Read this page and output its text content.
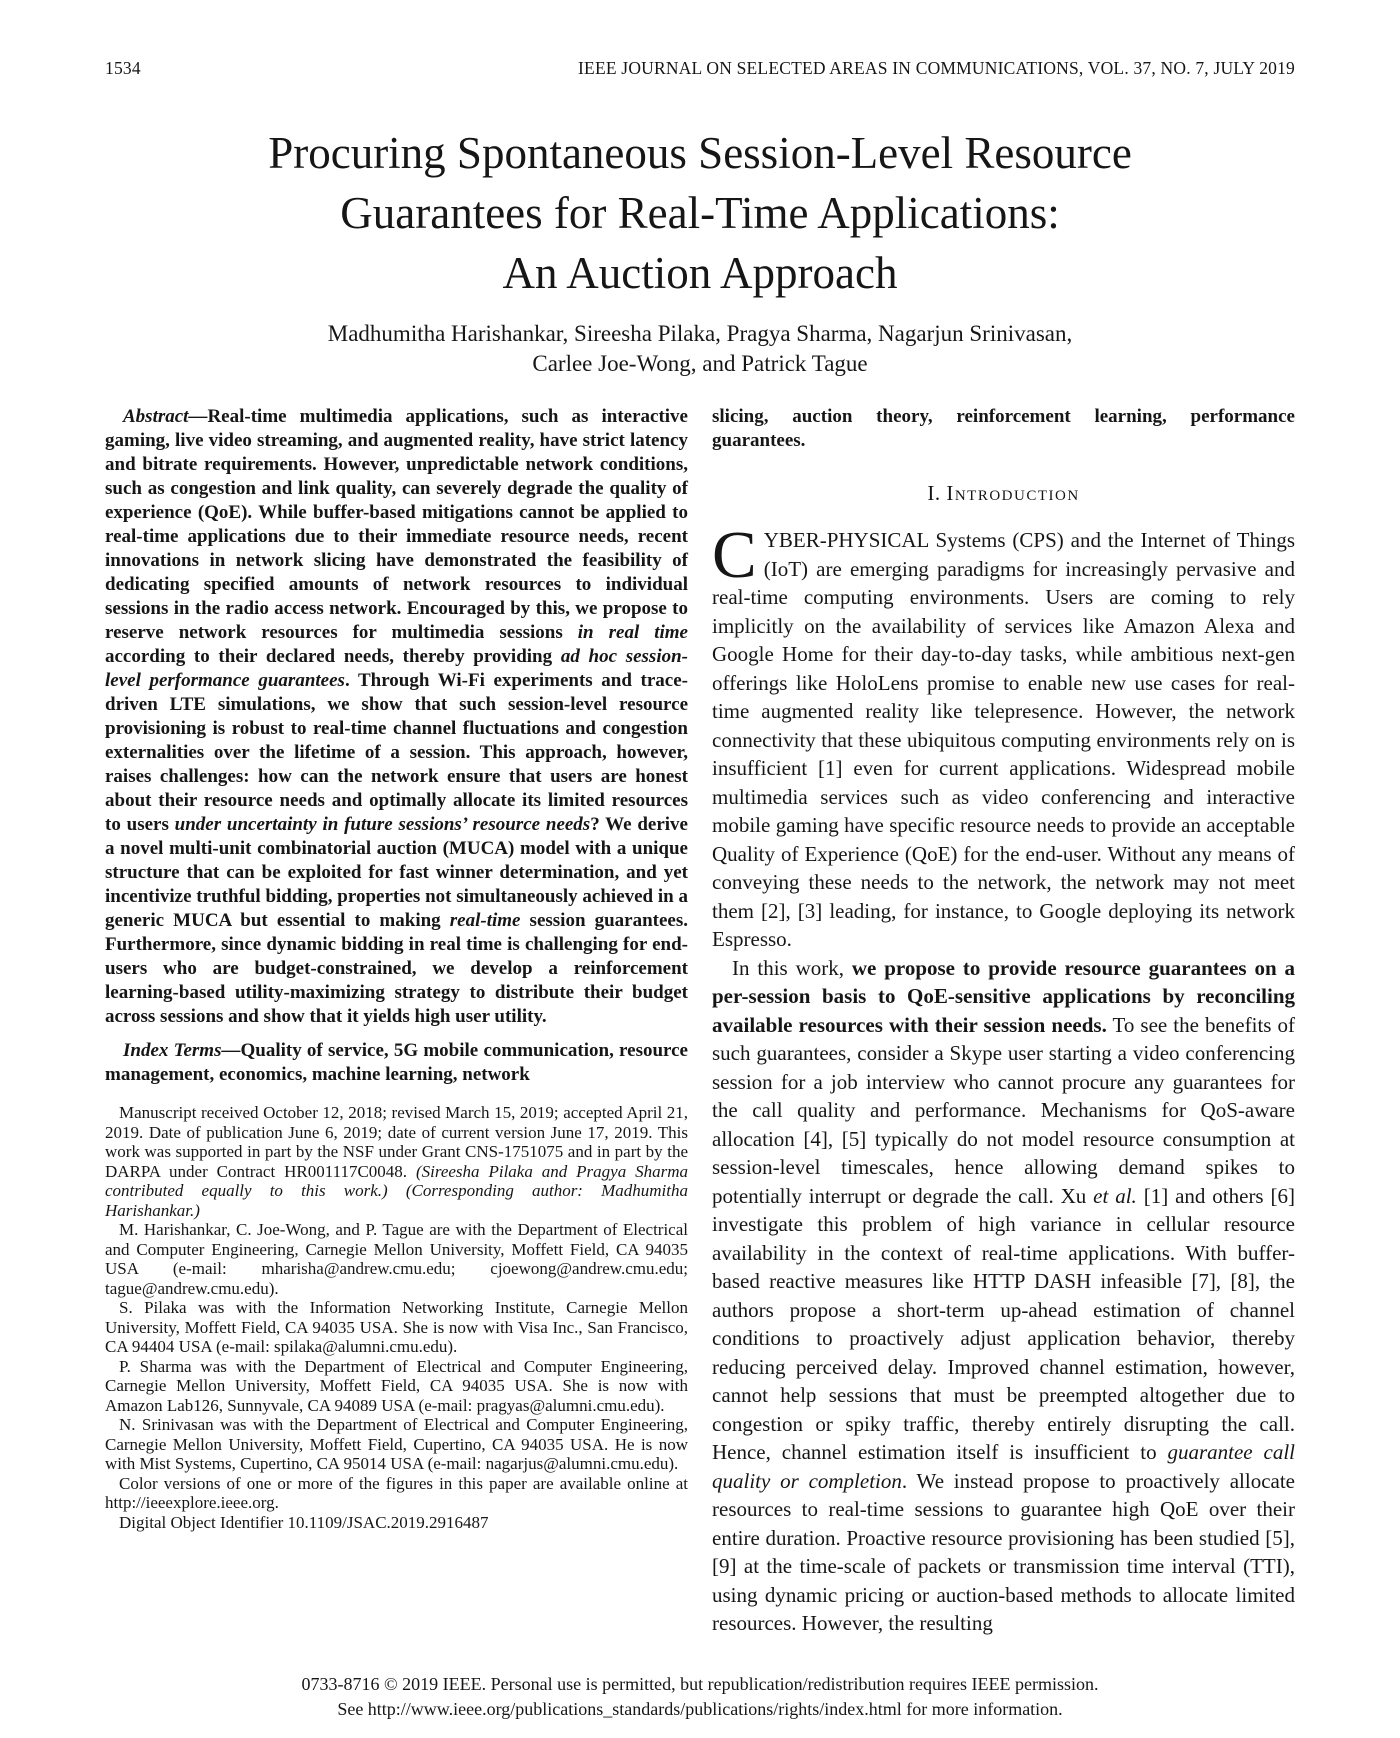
1534	IEEE JOURNAL ON SELECTED AREAS IN COMMUNICATIONS, VOL. 37, NO. 7, JULY 2019
Procuring Spontaneous Session-Level Resource
Guarantees for Real-Time Applications:
An Auction Approach
Madhumitha Harishankar, Sireesha Pilaka, Pragya Sharma, Nagarjun Srinivasan,
Carlee Joe-Wong, and Patrick Tague

Abstract—Real-time multimedia applications, such as interactive gaming, live video streaming, and augmented reality, have strict latency and bitrate requirements. However, unpredictable network conditions, such as congestion and link quality, can severely degrade the quality of experience (QoE). While buffer-based mitigations cannot be applied to real-time applications due to their immediate resource needs, recent innovations in network slicing have demonstrated the feasibility of dedicating specified amounts of network resources to individual sessions in the radio access network. Encouraged by this, we propose to reserve network resources for multimedia sessions in real time according to their declared needs, thereby providing ad hoc session-level performance guarantees. Through Wi-Fi experiments and trace-driven LTE simulations, we show that such session-level resource provisioning is robust to real-time channel fluctuations and congestion externalities over the lifetime of a session. This approach, however, raises challenges: how can the network ensure that users are honest about their resource needs and optimally allocate its limited resources to users under uncertainty in future sessions’ resource needs? We derive a novel multi-unit combinatorial auction (MUCA) model with a unique structure that can be exploited for fast winner determination, and yet incentivize truthful bidding, properties not simultaneously achieved in a generic MUCA but essential to making real-time session guarantees. Furthermore, since dynamic bidding in real time is challenging for end-users who are budget-constrained, we develop a reinforcement learning-based utility-maximizing strategy to distribute their budget across sessions and show that it yields high user utility.

Index Terms—Quality of service, 5G mobile communication, resource management, economics, machine learning, network

Manuscript received October 12, 2018; revised March 15, 2019; accepted April 21, 2019. Date of publication June 6, 2019; date of current version June 17, 2019. This work was supported in part by the NSF under Grant CNS-1751075 and in part by the DARPA under Contract HR001117C0048. (Sireesha Pilaka and Pragya Sharma contributed equally to this work.) (Corresponding author: Madhumitha Harishankar.)

M. Harishankar, C. Joe-Wong, and P. Tague are with the Department of Electrical and Computer Engineering, Carnegie Mellon University, Moffett Field, CA 94035 USA (e-mail: mharisha@andrew.cmu.edu; cjoewong@andrew.cmu.edu; tague@andrew.cmu.edu).

S. Pilaka was with the Information Networking Institute, Carnegie Mellon University, Moffett Field, CA 94035 USA. She is now with Visa Inc., San Francisco, CA 94404 USA (e-mail: spilaka@alumni.cmu.edu).

P. Sharma was with the Department of Electrical and Computer Engineering, Carnegie Mellon University, Moffett Field, CA 94035 USA. She is now with Amazon Lab126, Sunnyvale, CA 94089 USA (e-mail: pragyas@alumni.cmu.edu).

N. Srinivasan was with the Department of Electrical and Computer Engineering, Carnegie Mellon University, Moffett Field, Cupertino, CA 94035 USA. He is now with Mist Systems, Cupertino, CA 95014 USA (e-mail: nagarjus@alumni.cmu.edu).

Color versions of one or more of the figures in this paper are available online at http://ieeexplore.ieee.org.

Digital Object Identifier 10.1109/JSAC.2019.2916487

slicing, auction theory, reinforcement learning, performance guarantees.

I. Introduction

CYBER-PHYSICAL Systems (CPS) and the Internet of Things (IoT) are emerging paradigms for increasingly pervasive and real-time computing environments. Users are coming to rely implicitly on the availability of services like Amazon Alexa and Google Home for their day-to-day tasks, while ambitious next-gen offerings like HoloLens promise to enable new use cases for real-time augmented reality like telepresence. However, the network connectivity that these ubiquitous computing environments rely on is insufficient [1] even for current applications. Widespread mobile multimedia services such as video conferencing and interactive mobile gaming have specific resource needs to provide an acceptable Quality of Experience (QoE) for the end-user. Without any means of conveying these needs to the network, the network may not meet them [2], [3] leading, for instance, to Google deploying its network Espresso.

In this work, we propose to provide resource guarantees on a per-session basis to QoE-sensitive applications by reconciling available resources with their session needs. To see the benefits of such guarantees, consider a Skype user starting a video conferencing session for a job interview who cannot procure any guarantees for the call quality and performance. Mechanisms for QoS-aware allocation [4], [5] typically do not model resource consumption at session-level timescales, hence allowing demand spikes to potentially interrupt or degrade the call. Xu et al. [1] and others [6] investigate this problem of high variance in cellular resource availability in the context of real-time applications. With buffer-based reactive measures like HTTP DASH infeasible [7], [8], the authors propose a short-term up-ahead estimation of channel conditions to proactively adjust application behavior, thereby reducing perceived delay. Improved channel estimation, however, cannot help sessions that must be preempted altogether due to congestion or spiky traffic, thereby entirely disrupting the call. Hence, channel estimation itself is insufficient to guarantee call quality or completion. We instead propose to proactively allocate resources to real-time sessions to guarantee high QoE over their entire duration. Proactive resource provisioning has been studied [5], [9] at the time-scale of packets or transmission time interval (TTI), using dynamic pricing or auction-based methods to allocate limited resources. However, the resulting

0733-8716 © 2019 IEEE. Personal use is permitted, but republication/redistribution requires IEEE permission.
See http://www.ieee.org/publications_standards/publications/rights/index.html for more information.
